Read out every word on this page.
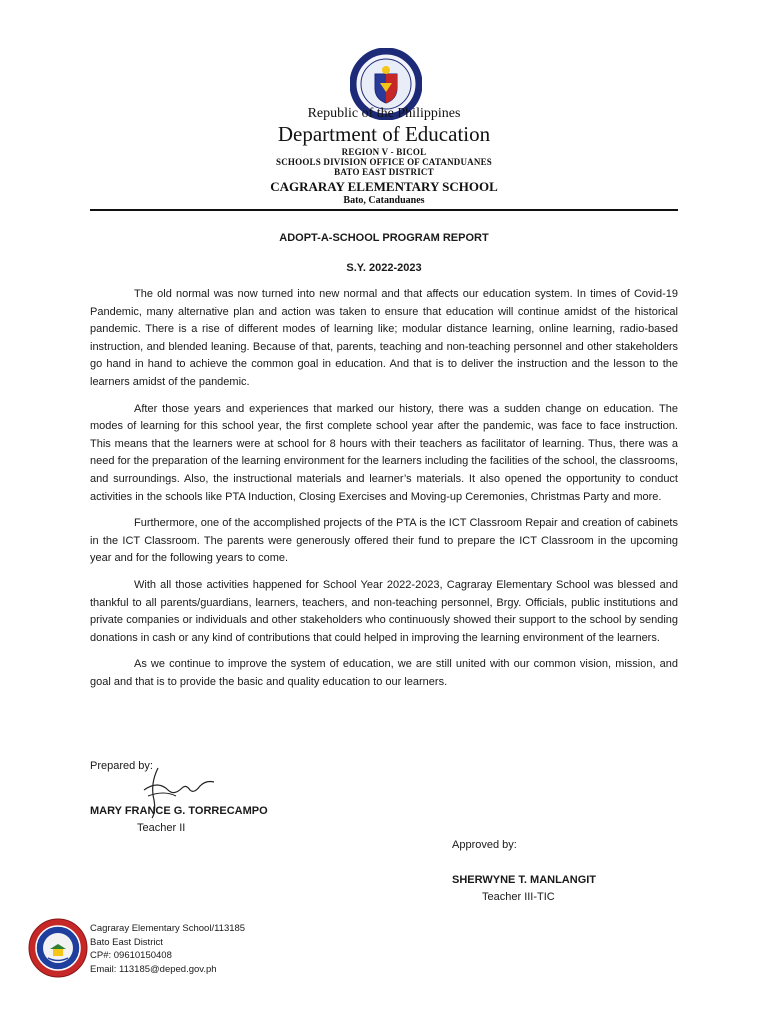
Republic of the Philippines
Department of Education
REGION V - BICOL
SCHOOLS DIVISION OFFICE OF CATANDUANES
BATO EAST DISTRICT
CAGRARAY ELEMENTARY SCHOOL
Bato, Catanduanes
ADOPT-A-SCHOOL PROGRAM REPORT
S.Y. 2022-2023

The old normal was now turned into new normal and that affects our education system. In times of Covid-19 Pandemic, many alternative plan and action was taken to ensure that education will continue amidst of the historical pandemic. There is a rise of different modes of learning like; modular distance learning, online learning, radio-based instruction, and blended leaning. Because of that, parents, teaching and non-teaching personnel and other stakeholders go hand in hand to achieve the common goal in education. And that is to deliver the instruction and the lesson to the learners amidst of the pandemic.

After those years and experiences that marked our history, there was a sudden change on education. The modes of learning for this school year, the first complete school year after the pandemic, was face to face instruction. This means that the learners were at school for 8 hours with their teachers as facilitator of learning. Thus, there was a need for the preparation of the learning environment for the learners including the facilities of the school, the classrooms, and surroundings. Also, the instructional materials and learner’s materials. It also opened the opportunity to conduct activities in the schools like PTA Induction, Closing Exercises and Moving-up Ceremonies, Christmas Party and more.

Furthermore, one of the accomplished projects of the PTA is the ICT Classroom Repair and creation of cabinets in the ICT Classroom. The parents were generously offered their fund to prepare the ICT Classroom in the upcoming year and for the following years to come.

With all those activities happened for School Year 2022-2023, Cagraray Elementary School was blessed and thankful to all parents/guardians, learners, teachers, and non-teaching personnel, Brgy. Officials, public institutions and private companies or individuals and other stakeholders who continuously showed their support to the school by sending donations in cash or any kind of contributions that could helped in improving the learning environment of the learners.

As we continue to improve the system of education, we are still united with our common vision, mission, and goal and that is to provide the basic and quality education to our learners.

Prepared by:
MARY FRANCE G. TORRECAMPO
Teacher II
Approved by:
SHERWYNE T. MANLANGIT
Teacher III-TIC
Cagraray Elementary School/113185
Bato East District
CP#: 09610150408
Email: 113185@deped.gov.ph
